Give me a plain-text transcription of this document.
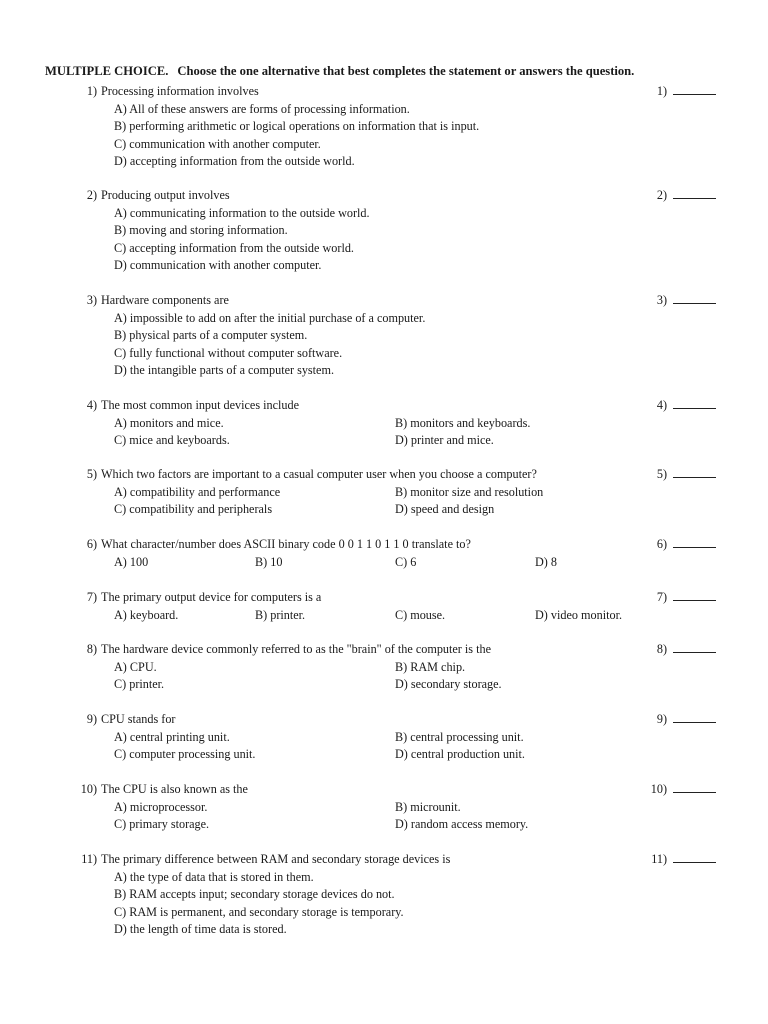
MULTIPLE CHOICE. Choose the one alternative that best completes the statement or answers the question.
1) Processing information involves	1)
A) All of these answers are forms of processing information.
B) performing arithmetic or logical operations on information that is input.
C) communication with another computer.
D) accepting information from the outside world.
2) Producing output involves	2)
A) communicating information to the outside world.
B) moving and storing information.
C) accepting information from the outside world.
D) communication with another computer.
3) Hardware components are	3)
A) impossible to add on after the initial purchase of a computer.
B) physical parts of a computer system.
C) fully functional without computer software.
D) the intangible parts of a computer system.
4) The most common input devices include	4)
A) monitors and mice.	B) monitors and keyboards.
C) mice and keyboards.	D) printer and mice.
5) Which two factors are important to a casual computer user when you choose a computer?	5)
A) compatibility and performance	B) monitor size and resolution
C) compatibility and peripherals	D) speed and design
6) What character/number does ASCII binary code 0 0 1 1 0 1 1 0 translate to?	6)
A) 100	B) 10	C) 6	D) 8
7) The primary output device for computers is a	7)
A) keyboard.	B) printer.	C) mouse.	D) video monitor.
8) The hardware device commonly referred to as the "brain" of the computer is the	8)
A) CPU.	B) RAM chip.
C) printer.	D) secondary storage.
9) CPU stands for	9)
A) central printing unit.	B) central processing unit.
C) computer processing unit.	D) central production unit.
10) The CPU is also known as the	10)
A) microprocessor.	B) microunit.
C) primary storage.	D) random access memory.
11) The primary difference between RAM and secondary storage devices is	11)
A) the type of data that is stored in them.
B) RAM accepts input; secondary storage devices do not.
C) RAM is permanent, and secondary storage is temporary.
D) the length of time data is stored.
